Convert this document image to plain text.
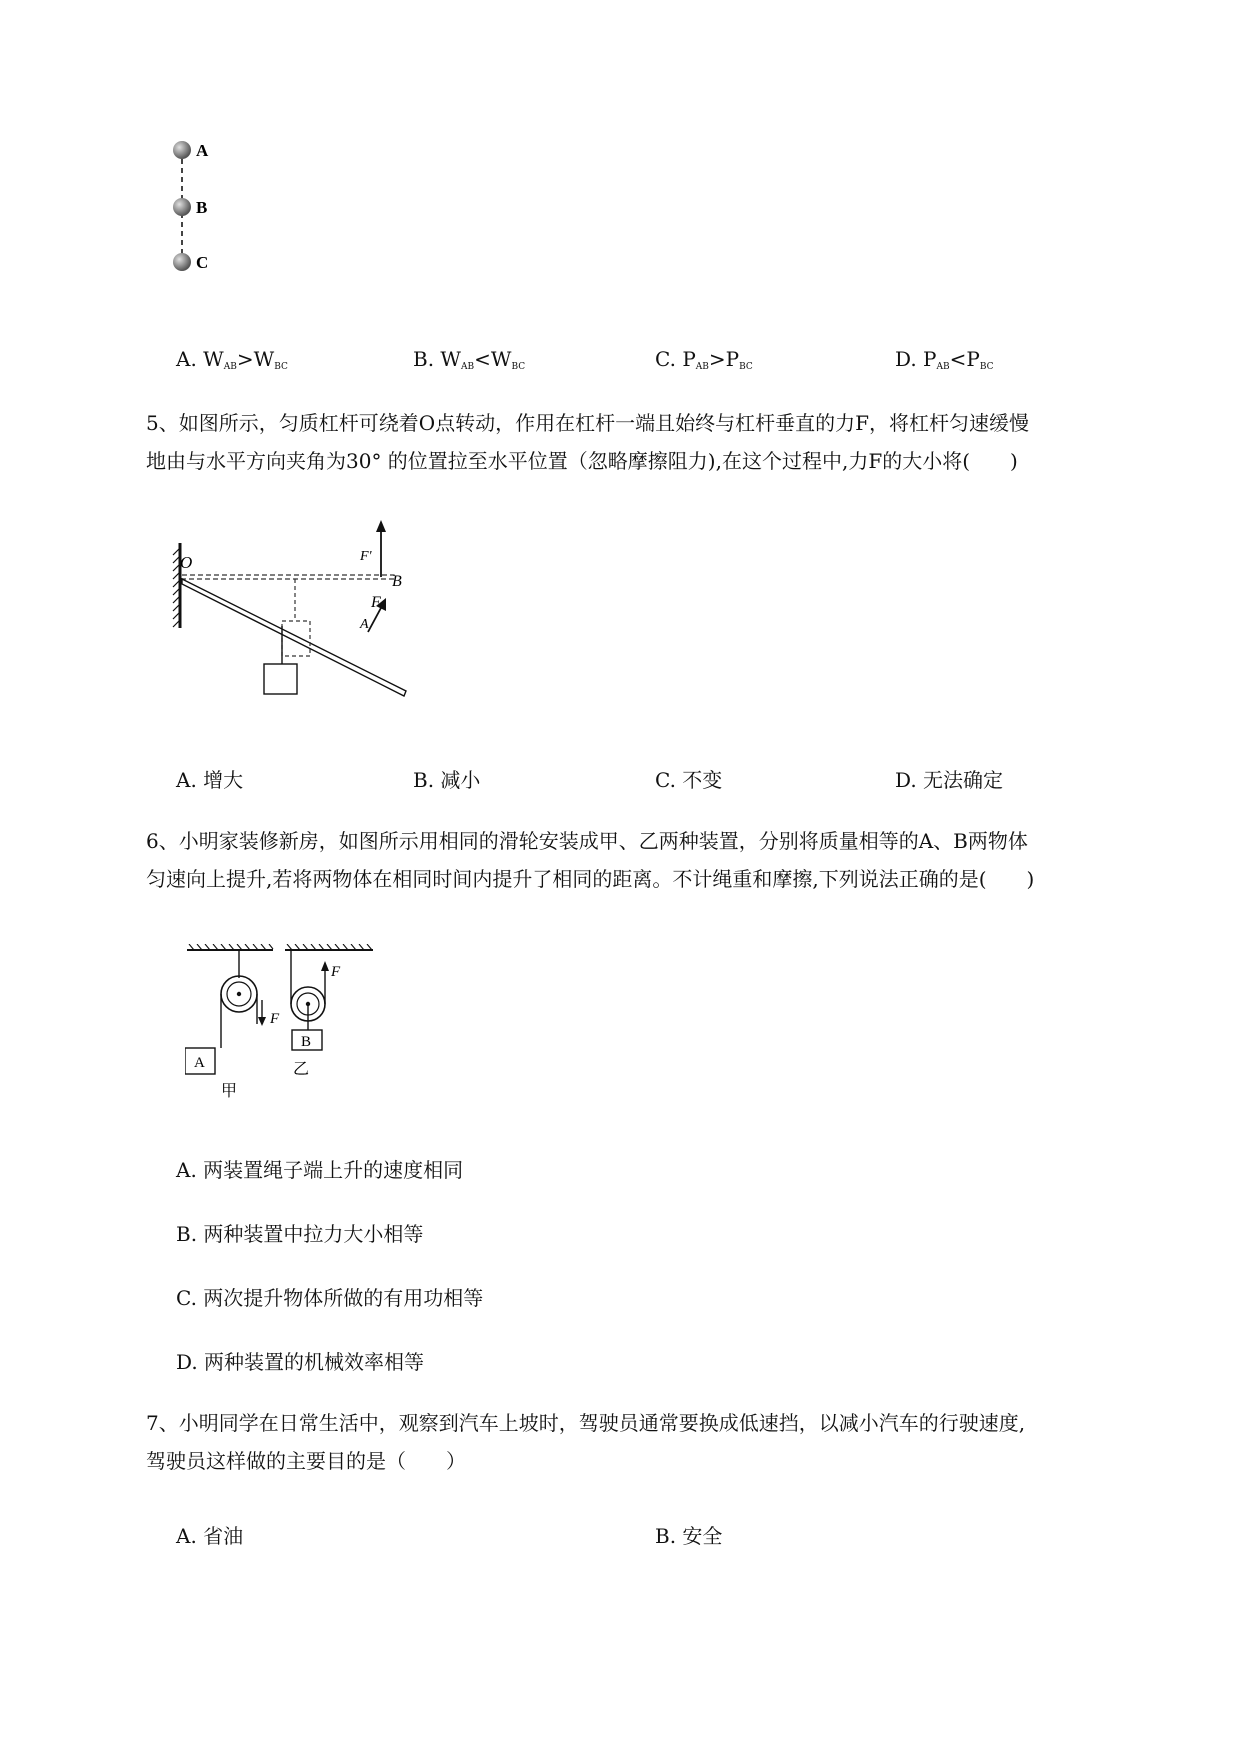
A
B
C
A. $W_{AB}>W_{BC}$	B. $W_{AB}<W_{BC}$	C. $P_{AB}>P_{BC}$	D. $P_{AB}<P_{BC}$

5、如图所示，匀质杠杆可绕着O点转动，作用在杠杆一端且始终与杠杆垂直的力F，将杠杆匀速缓慢

地由与水平方向夹角为30° 的位置拉至水平位置（忽略摩擦阻力),在这个过程中,力F的大小将(　　)

O
B
A
F
F'
A. 增大	B. 减小	C. 不变	D. 无法确定

6、小明家装修新房，如图所示用相同的滑轮安装成甲、乙两种装置，分别将质量相等的A、B两物体

匀速向上提升,若将两物体在相同时间内提升了相同的距离。不计绳重和摩擦,下列说法正确的是(　　)

A
F
甲
B
F
乙
A. 两装置绳子端上升的速度相同
B. 两种装置中拉力大小相等
C. 两次提升物体所做的有用功相等
D. 两种装置的机械效率相等

7、小明同学在日常生活中，观察到汽车上坡时，驾驶员通常要换成低速挡，以减小汽车的行驶速度,

驾驶员这样做的主要目的是（　　）

A. 省油	B. 安全
